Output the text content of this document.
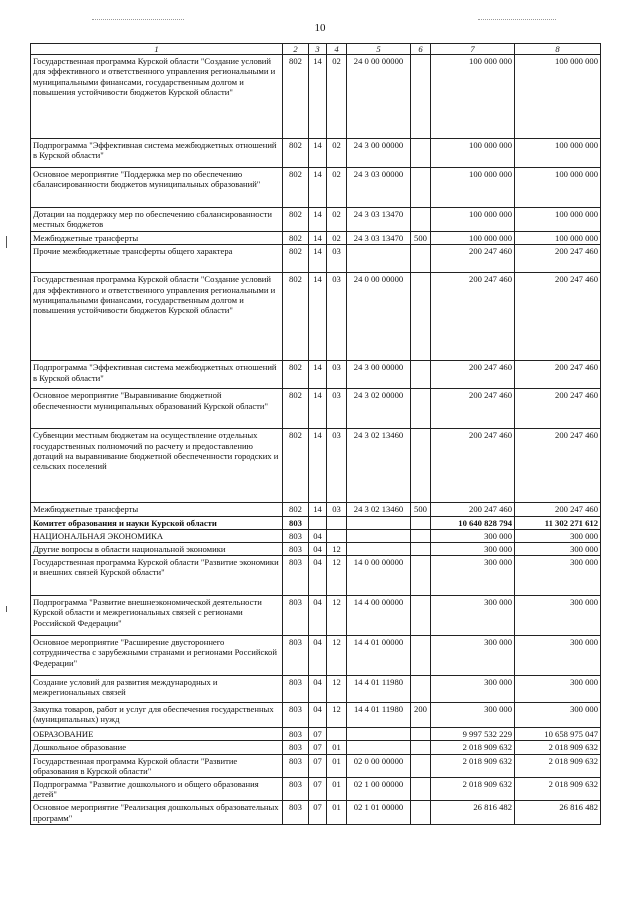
10
1	2	3	4	5	6	7	8
Государственная программа Курской области "Создание условий для эффективного и ответственного управления региональными и муниципальными финансами, государственным долгом и повышения устойчивости бюджетов Курской области"	802	14	02	24 0 00 00000		100 000 000	100 000 000
Подпрограмма "Эффективная система межбюджетных отношений в Курской области"	802	14	02	24 3 00 00000		100 000 000	100 000 000
Основное мероприятие "Поддержка мер по обеспечению сбалансированности бюджетов муниципальных образований"	802	14	02	24 3 03 00000		100 000 000	100 000 000
Дотации на поддержку мер по обеспечению сбалансированности местных бюджетов	802	14	02	24 3 03 13470		100 000 000	100 000 000
Межбюджетные трансферты	802	14	02	24 3 03 13470	500	100 000 000	100 000 000
Прочие межбюджетные трансферты общего характера	802	14	03			200 247 460	200 247 460
Государственная программа Курской области "Создание условий для эффективного и ответственного управления региональными и муниципальными финансами, государственным долгом и повышения устойчивости бюджетов Курской области"	802	14	03	24 0 00 00000		200 247 460	200 247 460
Подпрограмма "Эффективная система межбюджетных отношений в Курской области"	802	14	03	24 3 00 00000		200 247 460	200 247 460
Основное мероприятие "Выравнивание бюджетной обеспеченности муниципальных образований Курской области"	802	14	03	24 3 02 00000		200 247 460	200 247 460
Субвенции местным бюджетам на осуществление отдельных государственных полномочий по расчету и предоставлению дотаций на выравнивание бюджетной обеспеченности городских и сельских поселений	802	14	03	24 3 02 13460		200 247 460	200 247 460
Межбюджетные трансферты	802	14	03	24 3 02 13460	500	200 247 460	200 247 460
Комитет образования и науки Курской области	803					10 640 828 794	11 302 271 612
НАЦИОНАЛЬНАЯ ЭКОНОМИКА	803	04				300 000	300 000
Другие вопросы в области национальной экономики	803	04	12			300 000	300 000
Государственная программа Курской области "Развитие экономики и внешних связей Курской области"	803	04	12	14 0 00 00000		300 000	300 000
Подпрограмма "Развитие внешнеэкономической деятельности Курской области и межрегиональных связей с регионами Российской Федерации"	803	04	12	14 4 00 00000		300 000	300 000
Основное мероприятие "Расширение двустороннего сотрудничества с зарубежными странами и регионами Российской Федерации"	803	04	12	14 4 01 00000		300 000	300 000
Создание условий для развития международных и межрегиональных связей	803	04	12	14 4 01 11980		300 000	300 000
Закупка товаров, работ и услуг для обеспечения государственных (муниципальных) нужд	803	04	12	14 4 01 11980	200	300 000	300 000
ОБРАЗОВАНИЕ	803	07				9 997 532 229	10 658 975 047
Дошкольное образование	803	07	01			2 018 909 632	2 018 909 632
Государственная программа Курской области "Развитие образования в Курской области"	803	07	01	02 0 00 00000		2 018 909 632	2 018 909 632
Подпрограмма "Развитие дошкольного и общего образования детей"	803	07	01	02 1 00 00000		2 018 909 632	2 018 909 632
Основное мероприятие "Реализация дошкольных образовательных программ"	803	07	01	02 1 01 00000		26 816 482	26 816 482
